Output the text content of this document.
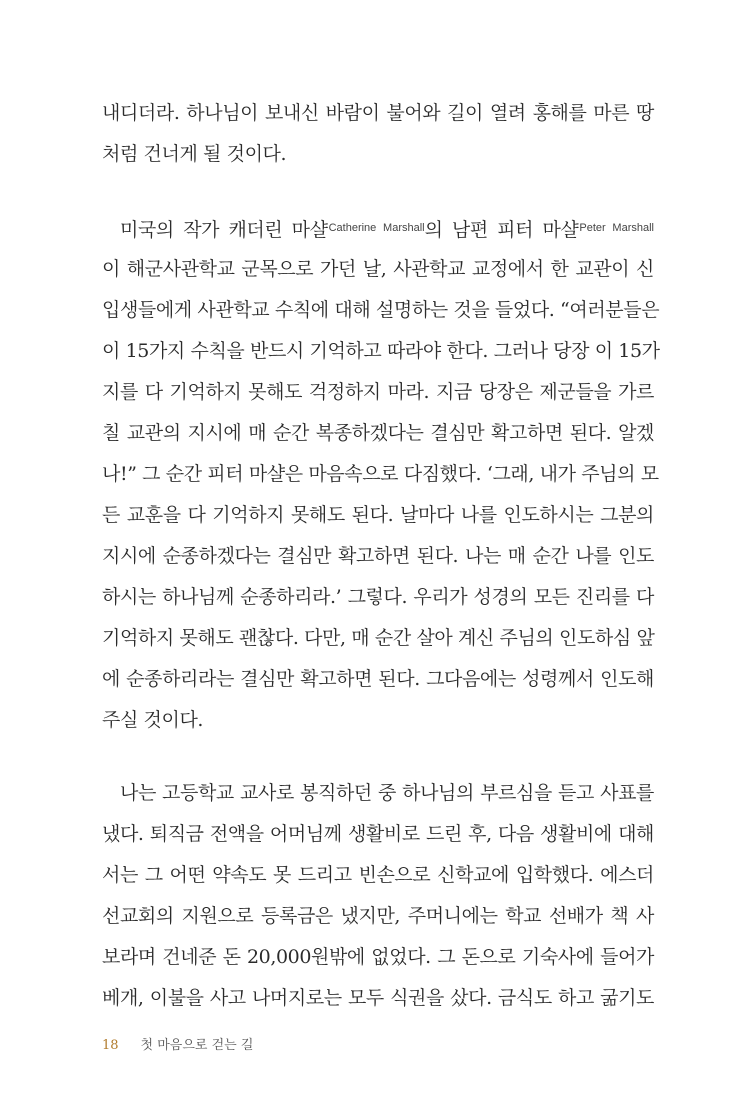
내디더라. 하나님이 보내신 바람이 불어와 길이 열려 홍해를 마른 땅
처럼 건너게 될 것이다.
미국의 작가 캐더린 마샬$^{Catherine Marshall}$의 남편 피터 마샬$^{Peter Marshall}$
이 해군사관학교 군목으로 가던 날, 사관학교 교정에서 한 교관이 신
입생들에게 사관학교 수칙에 대해 설명하는 것을 들었다. “여러분들은
이 15가지 수칙을 반드시 기억하고 따라야 한다. 그러나 당장 이 15가
지를 다 기억하지 못해도 걱정하지 마라. 지금 당장은 제군들을 가르
칠 교관의 지시에 매 순간 복종하겠다는 결심만 확고하면 된다. 알겠
나!” 그 순간 피터 마샬은 마음속으로 다짐했다. ‘그래, 내가 주님의 모
든 교훈을 다 기억하지 못해도 된다. 날마다 나를 인도하시는 그분의
지시에 순종하겠다는 결심만 확고하면 된다. 나는 매 순간 나를 인도
하시는 하나님께 순종하리라.’ 그렇다. 우리가 성경의 모든 진리를 다
기억하지 못해도 괜찮다. 다만, 매 순간 살아 계신 주님의 인도하심 앞
에 순종하리라는 결심만 확고하면 된다. 그다음에는 성령께서 인도해
주실 것이다.
나는 고등학교 교사로 봉직하던 중 하나님의 부르심을 듣고 사표를
냈다. 퇴직금 전액을 어머님께 생활비로 드린 후, 다음 생활비에 대해
서는 그 어떤 약속도 못 드리고 빈손으로 신학교에 입학했다. 에스더
선교회의 지원으로 등록금은 냈지만, 주머니에는 학교 선배가 책 사
보라며 건네준 돈 20,000원밖에 없었다. 그 돈으로 기숙사에 들어가
베개, 이불을 사고 나머지로는 모두 식권을 샀다. 금식도 하고 굶기도
18 첫 마음으로 걷는 길
